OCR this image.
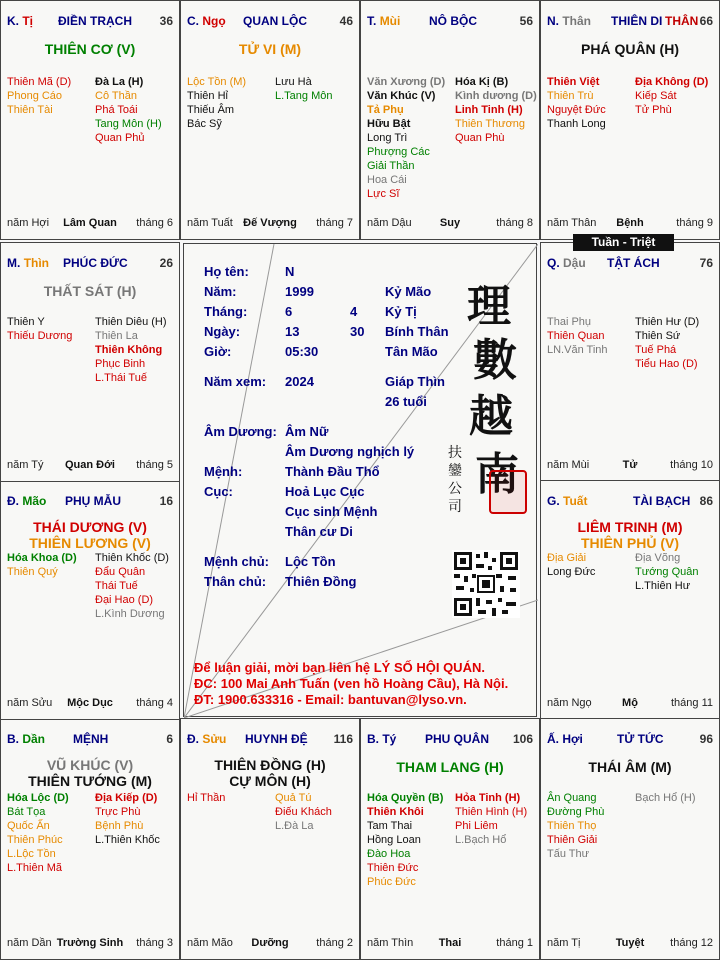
K. Tị ĐIỀN TRẠCH 36
THIÊN CƠ (V)
Thiên Mã (D)
Phong Cáo
Thiên Tài
Đà La (H)
Cô Thần
Phá Toái
Tang Môn (H)
Quan Phủ
năm Hợi	Lâm Quan	tháng 6
C. Ngọ QUAN LỘC	46
TỬ VI (M)
Lộc Tồn (M)
Thiên Hỉ
Thiếu Âm
Bác Sỹ
Lưu Hà
L.Tang Môn
năm Tuất Đế Vượng	tháng 7
T. Mùi NÔ BỘC	56
Văn Xương (D)
Văn Khúc (V)
Tả Phụ
Hữu Bật
Long Trì
Phượng Các
Giải Thần
Hoa Cái
Lực Sĩ
Hóa Kị (B)
Kình dương (D)
Linh Tinh (H)
Thiên Thương
Quan Phù
năm Dậu	Suy	tháng 8
N. Thân THIÊN DI THÂN 66
PHÁ QUÂN (H)
Thiên Việt
Thiên Trù
Nguyệt Đức
Thanh Long
Địa Không (D)
Kiếp Sát
Tử Phù
năm Thân	Bệnh	tháng 9
Q. Dậu TẬT ÁCH	76
Thai Phụ
Thiên Quan
LN.Văn Tinh
Thiên Hư (D)
Thiên Sứ
Tuế Phá
Tiểu Hao (D)
năm Mùi	Tử	tháng 10
G. Tuất	TÀI BẠCH 86
LIÊM TRINH (M)
THIÊN PHỦ (V)
Địa Giải
Long Đức
Địa Võng
Tướng Quân
L.Thiên Hư
năm Ngọ	Mộ	tháng 11
Ấ. Hợi	TỬ TỨC	96
THÁI ÂM (M)
Ân Quang
Đường Phù
Thiên Thọ
Thiên Giải
Tấu Thư
Bạch Hổ (H)
năm Tị	Tuyệt	tháng 12
B. Tý PHU QUÂN 106
THAM LANG (H)
Hóa Quyền (B)
Thiên Khôi
Tam Thai
Hồng Loan
Đào Hoa
Thiên Đức
Phúc Đức
Hỏa Tinh (H)
Thiên Hình (H)
Phi Liêm
L.Bạch Hổ
năm Thìn	Thai	tháng 1
Đ. Sửu HUYNH ĐỆ 116
THIÊN ĐỒNG (H)
CỰ MÔN (H)
Hỉ Thần	Quả Tú
Điếu Khách
L.Đà La
năm Mão	Dưỡng	tháng 2
B. Dần MỆNH	6
VŨ KHÚC (V)
THIÊN TƯỚNG (M)
Hóa Lộc (D)
Bát Tọa
Quốc Ấn
Thiên Phúc
L.Lộc Tồn
L.Thiên Mã
Địa Kiếp (D)
Trực Phù
Bệnh Phù
L.Thiên Khốc
năm Dần Trường Sinh	tháng 3
Đ. Mão PHỤ MẪU	16
THÁI DƯƠNG (V)
THIÊN LƯƠNG (V)
Hóa Khoa (D)
Thiên Quý
Thiên Khốc (D)
Đẩu Quân
Thái Tuế
Đại Hao (D)
L.Kình Dương
năm Sửu	Mộc Dục	tháng 4
M. Thìn PHÚC ĐỨC	26
THẤT SÁT (H)
Thiên Y
Thiếu Dương
Thiên Diêu (H)
Thiên La
Thiên Không
Phục Binh
L.Thái Tuế
năm Tý	Quan Đới	tháng 5
Tuần - Triệt
Họ tên:	N
Năm:	1999	Kỷ Mão
Tháng:	6	4 Kỷ Tị
Ngày:	13	30 Bính Thân
Giờ:	05:30	Tân Mão
Năm xem: 2024	Giáp Thìn
26 tuổi
Âm Dương: Âm Nữ
Âm Dương nghịch lý
Mệnh:	Thành Đầu Thổ
Cục:	Hoả Lục Cục
Cục sinh Mệnh
Thân cư Di
Mệnh chủ: Lộc Tồn
Thân chủ: Thiên Đồng
理
數
越
南
扶 鑾 公 司
Để luận giải, mời bạn liên hệ LÝ SỐ HỘI QUÁN.
ĐC: 100 Mai Anh Tuấn (ven hồ Hoàng Cầu), Hà Nội.
ĐT: 1900.633316 - Email: bantuvan@lyso.vn.
